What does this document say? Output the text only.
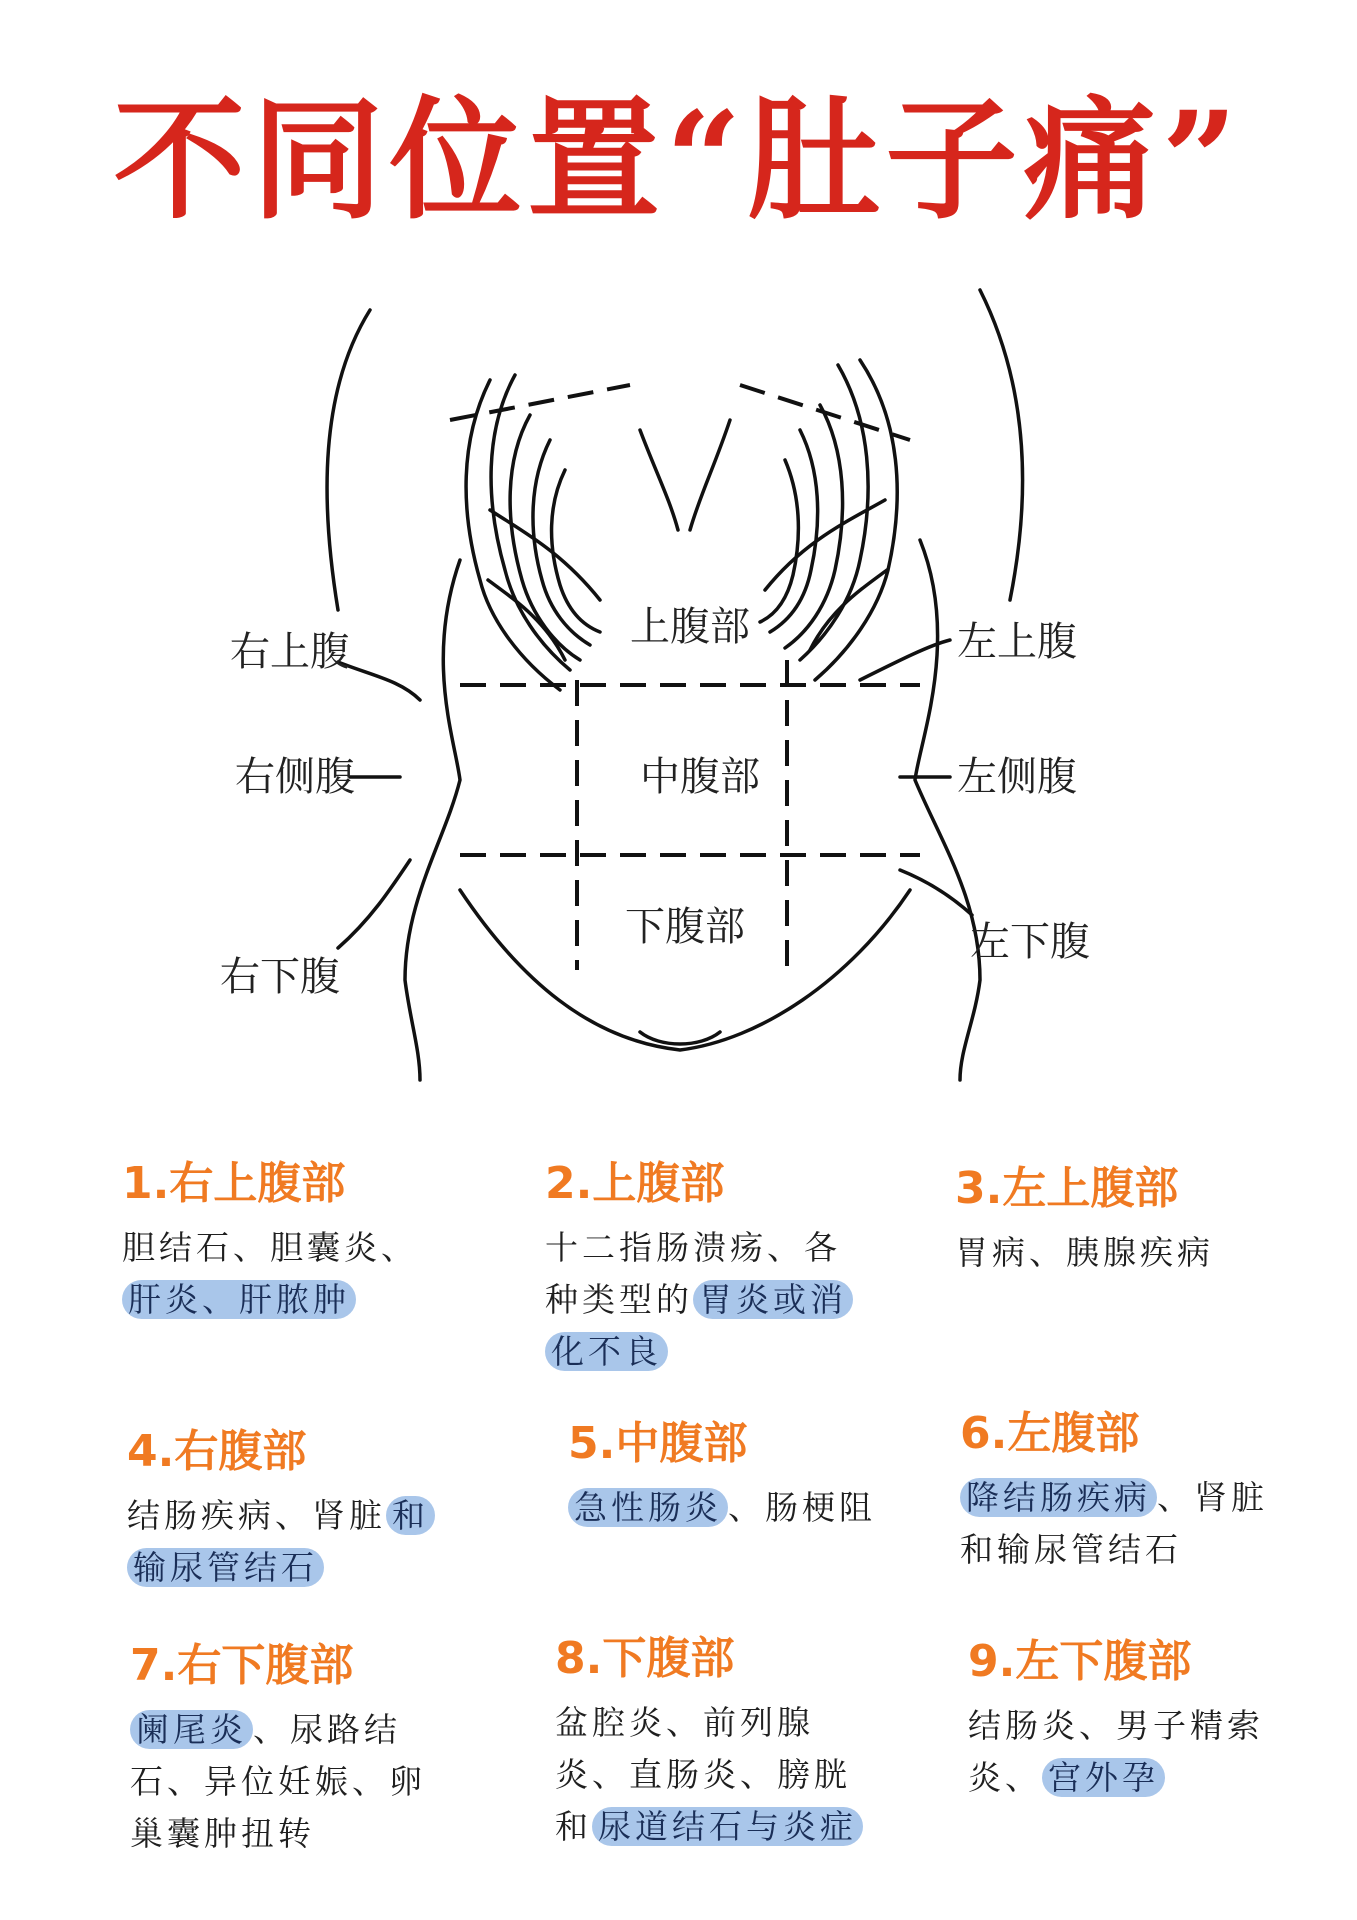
不同位置“肚子痛”
右上腹
上腹部	左上腹
右侧腹	中腹部	左侧腹
右下腹
下腹部	左下腹
1.右上腹部
胆结石、胆囊炎、肝炎、肝脓肿
2.上腹部
十二指肠溃疡、各种类型的 胃炎或消化不良
3.左上腹部
胃病、胰腺疾病
4.右腹部
结肠疾病、肾脏 和输尿管结石
5.中腹部
急性肠炎 、肠梗阻
6.左腹部
降结肠疾病 、肾脏和输尿管结石
7.右下腹部
阑尾炎 、尿路结石、异位妊娠、卵巢囊肿扭转
8.下腹部
盆腔炎、前列腺炎、直肠炎、膀胱和 尿道结石与炎症
9.左下腹部
结肠炎、男子精索炎、 宫外孕
